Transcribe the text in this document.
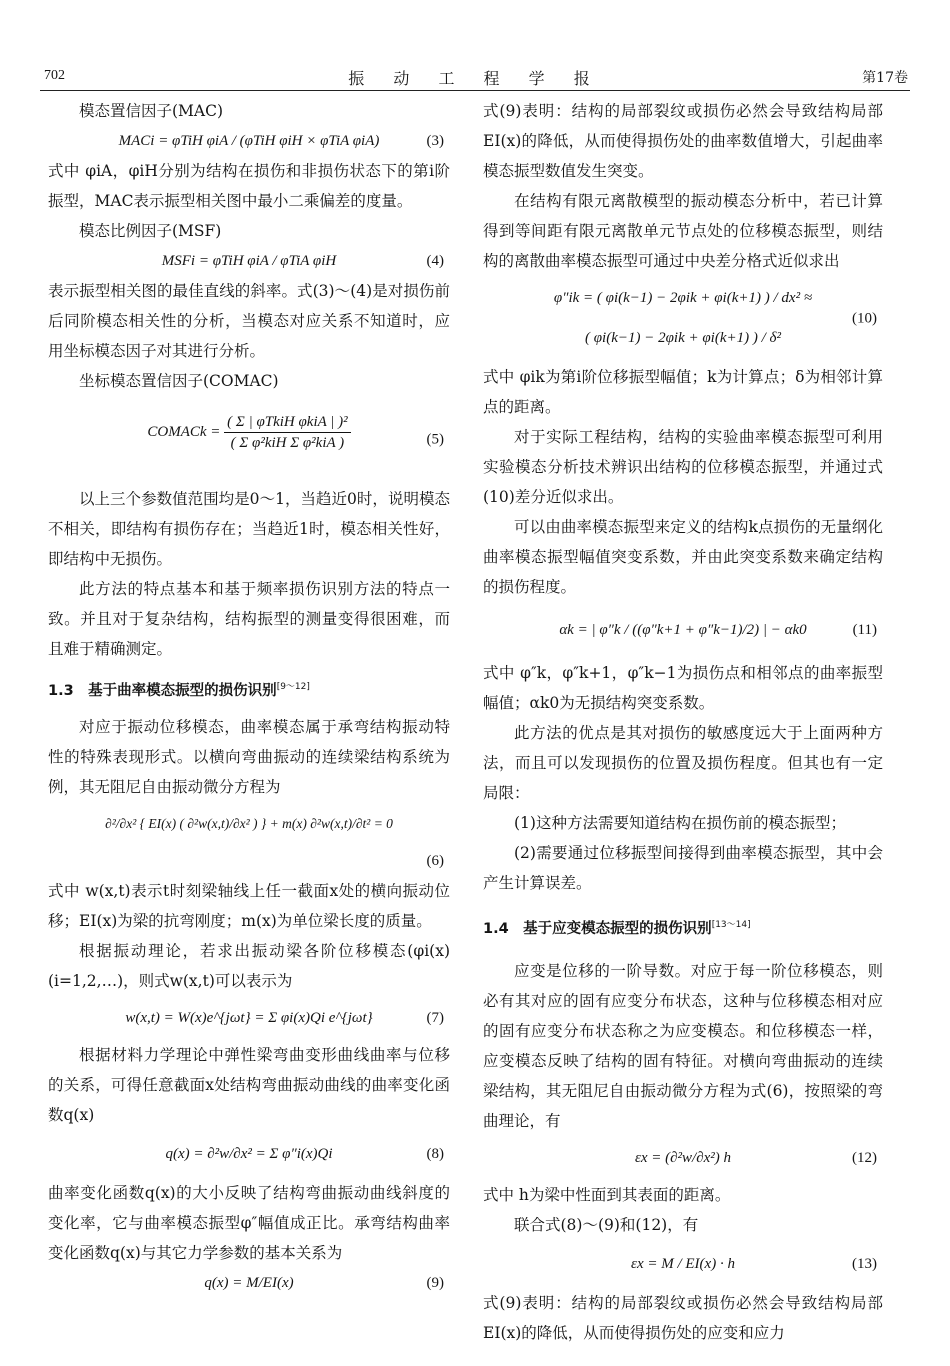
702	振 动 工 程 学 报	第17卷

模态置信因子(MAC)

MACi = φTiH φiA / (φTiH φiH × φTiA φiA)	(3)

式中 φiA，φiH分别为结构在损伤和非损伤状态下的第i阶振型，MAC表示振型相关图中最小二乘偏差的度量。

模态比例因子(MSF)

MSFi = φTiH φiA / φTiA φiH	(4)

表示振型相关图的最佳直线的斜率。式(3)～(4)是对损伤前后同阶模态相关性的分析，当模态对应关系不知道时，应用坐标模态因子对其进行分析。

坐标模态置信因子(COMAC)

COMACk = $\frac{\text{( Σ | φTkiH φkiA | )²}}{\text{( Σ φ²kiH Σ φ²kiA )}}$	(5)

以上三个参数值范围均是0～1，当趋近0时，说明模态不相关，即结构有损伤存在；当趋近1时，模态相关性好，即结构中无损伤。

此方法的特点基本和基于频率损伤识别方法的特点一致。并且对于复杂结构，结构振型的测量变得很困难，而且难于精确测定。

1.3　基于曲率模态振型的损伤识别[9～12]

对应于振动位移模态，曲率模态属于承弯结构振动特性的特殊表现形式。以横向弯曲振动的连续梁结构系统为例，其无阻尼自由振动微分方程为

∂²/∂x² { EI(x) ( ∂²w(x,t)/∂x² ) } + m(x) ∂²w(x,t)/∂t² = 0
(6)

式中 w(x,t)表示t时刻梁轴线上任一截面x处的横向振动位移；EI(x)为梁的抗弯刚度；m(x)为单位梁长度的质量。

根据振动理论，若求出振动梁各阶位移模态(φi(x)(i=1,2,…)，则式w(x,t)可以表示为

w(x,t) = W(x)e^{jωt} = Σ φi(x)Qi e^{jωt}	(7)

根据材料力学理论中弹性梁弯曲变形曲线曲率与位移的关系，可得任意截面x处结构弯曲振动曲线的曲率变化函数q(x)

q(x) = ∂²w/∂x² = Σ φ″i(x)Qi	(8)

曲率变化函数q(x)的大小反映了结构弯曲振动曲线斜度的变化率，它与曲率模态振型φ″幅值成正比。承弯结构曲率变化函数q(x)与其它力学参数的基本关系为

q(x) = M/EI(x)	(9)

式(9)表明：结构的局部裂纹或损伤必然会导致结构局部EI(x)的降低，从而使得损伤处的曲率数值增大，引起曲率模态振型数值发生突变。

在结构有限元离散模型的振动模态分析中，若已计算得到等间距有限元离散单元节点处的位移模态振型，则结构的离散曲率模态振型可通过中央差分格式近似求出

φ″ik = ( φi(k−1) − 2φik + φi(k+1) ) / dx² ≈
( φi(k−1) − 2φik + φi(k+1) ) / δ²
(10)

式中 φik为第i阶位移振型幅值；k为计算点；δ为相邻计算点的距离。

对于实际工程结构，结构的实验曲率模态振型可利用实验模态分析技术辨识出结构的位移模态振型，并通过式(10)差分近似求出。

可以由曲率模态振型来定义的结构k点损伤的无量纲化曲率模态振型幅值突变系数，并由此突变系数来确定结构的损伤程度。

αk = | φ″k / ((φ″k+1 + φ″k−1)/2) | − αk0	(11)

式中 φ″k，φ″k+1，φ″k−1为损伤点和相邻点的曲率振型幅值；αk0为无损结构突变系数。

此方法的优点是其对损伤的敏感度远大于上面两种方法，而且可以发现损伤的位置及损伤程度。但其也有一定局限：

(1)这种方法需要知道结构在损伤前的模态振型；

(2)需要通过位移振型间接得到曲率模态振型，其中会产生计算误差。

1.4　基于应变模态振型的损伤识别[13～14]

应变是位移的一阶导数。对应于每一阶位移模态，则必有其对应的固有应变分布状态，这种与位移模态相对应的固有应变分布状态称之为应变模态。和位移模态一样，应变模态反映了结构的固有特征。对横向弯曲振动的连续梁结构，其无阻尼自由振动微分方程为式(6)，按照梁的弯曲理论，有

εx = (∂²w/∂x²) h	(12)

式中 h为梁中性面到其表面的距离。

联合式(8)～(9)和(12)，有

εx = M / EI(x) · h	(13)

式(9)表明：结构的局部裂纹或损伤必然会导致结构局部EI(x)的降低，从而使得损伤处的应变和应力
